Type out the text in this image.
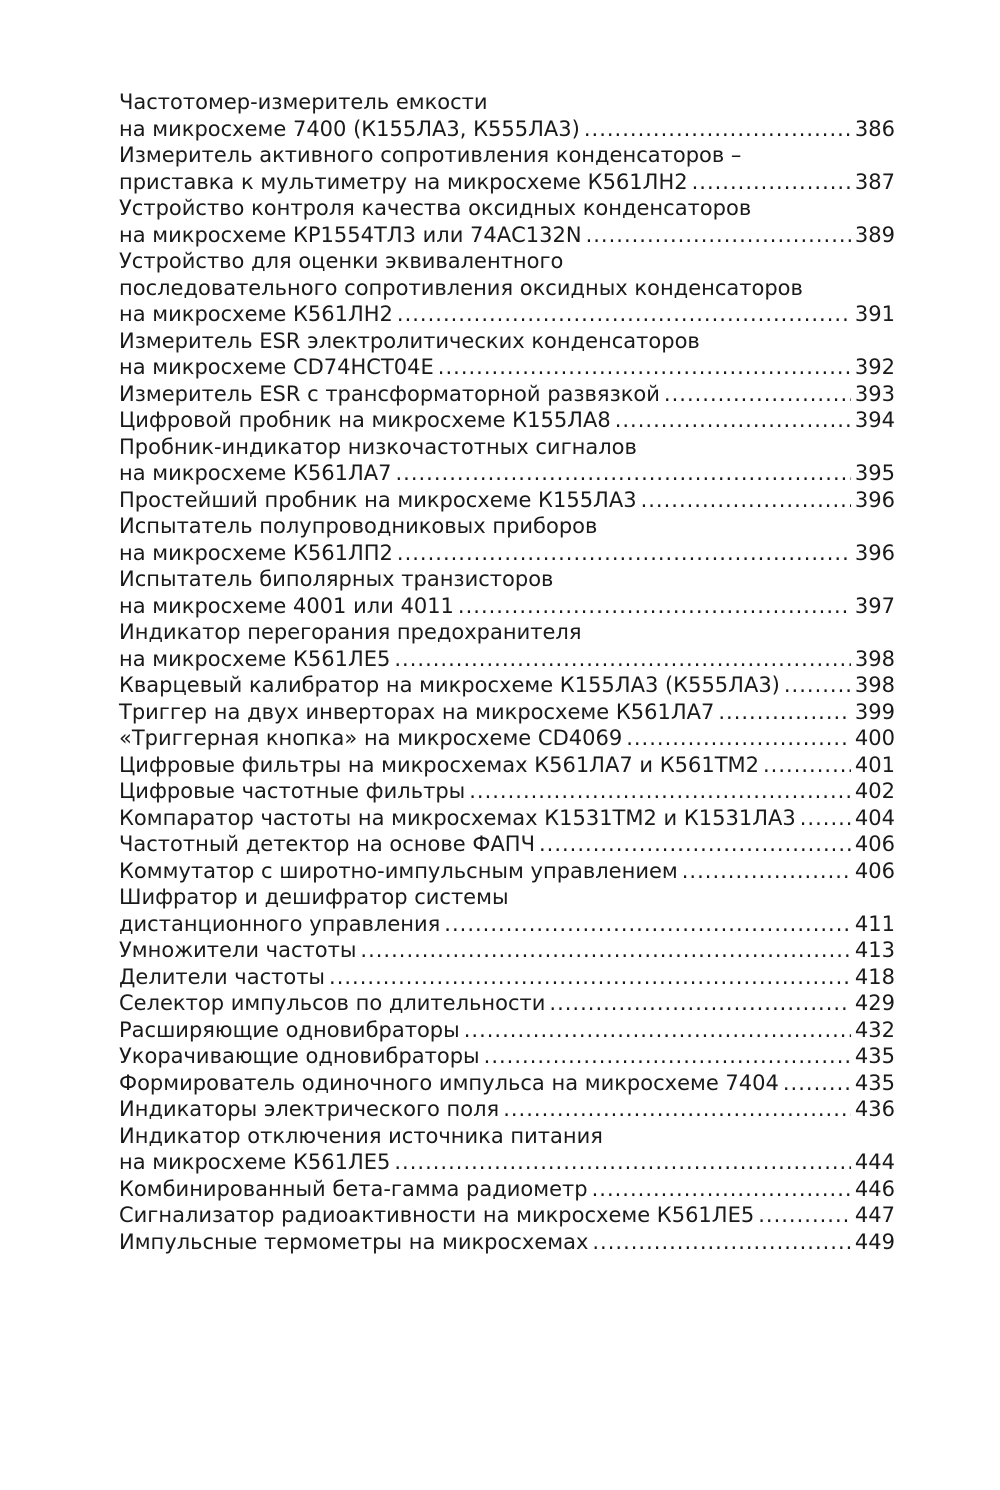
Частотомер-измеритель емкости
на микросхеме 7400 (К155ЛА3, К555ЛА3) .....	386
Измеритель активного сопротивления конденсаторов –
приставка к мультиметру на микросхеме К561ЛН2 .....	387
Устройство контроля качества оксидных конденсаторов
на микросхеме КР1554ТЛ3 или 74АС132N .....	389
Устройство для оценки эквивалентного
последовательного сопротивления оксидных конденсаторов
на микросхеме К561ЛН2 .....	391
Измеритель ESR электролитических конденсаторов
на микросхеме CD74HCT04E .....	392
Измеритель ESR с трансформаторной развязкой .....	393
Цифровой пробник на микросхеме К155ЛА8 .....	394
Пробник-индикатор низкочастотных сигналов
на микросхеме К561ЛА7 .....	395
Простейший пробник на микросхеме К155ЛА3 .....	396
Испытатель полупроводниковых приборов
на микросхеме К561ЛП2 .....	396
Испытатель биполярных транзисторов
на микросхеме 4001 или 4011 .....	397
Индикатор перегорания предохранителя
на микросхеме К561ЛЕ5 .....	398
Кварцевый калибратор на микросхеме К155ЛА3 (К555ЛА3) .....	398
Триггер на двух инверторах на микросхеме К561ЛА7 .....	399
«Триггерная кнопка» на микросхеме CD4069 .....	400
Цифровые фильтры на микросхемах К561ЛА7 и К561ТМ2 .....	401
Цифровые частотные фильтры .....	402
Компаратор частоты на микросхемах К1531ТМ2 и К1531ЛА3 .....	404
Частотный детектор на основе ФАПЧ .....	406
Коммутатор с широтно-импульсным управлением .....	406
Шифратор и дешифратор системы
дистанционного управления .....	411
Умножители частоты .....	413
Делители частоты .....	418
Селектор импульсов по длительности .....	429
Расширяющие одновибраторы .....	432
Укорачивающие одновибраторы .....	435
Формирователь одиночного импульса на микросхеме 7404 .....	435
Индикаторы электрического поля .....	436
Индикатор отключения источника питания
на микросхеме К561ЛЕ5 .....	444
Комбинированный бета-гамма радиометр .....	446
Сигнализатор радиоактивности на микросхеме К561ЛЕ5 .....	447
Импульсные термометры на микросхемах .....	449
